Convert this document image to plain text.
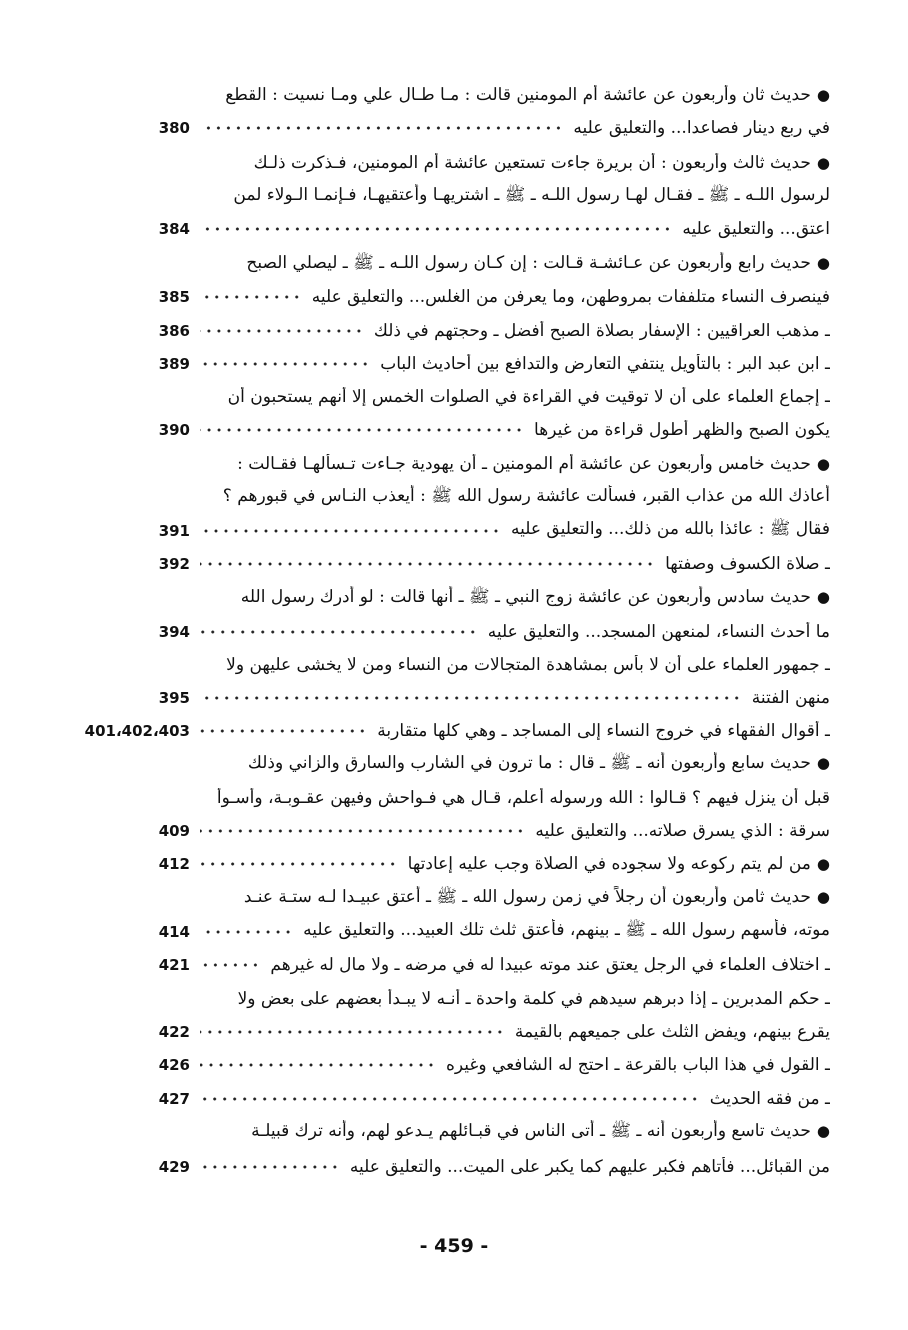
●حديث ثان وأربعون عن عائشة أم المومنين قالت : مـا طـال علي ومـا نسيت : القطع
380	في ربع دينار فصاعدا... والتعليق عليه
●حديث ثالث وأربعون : أن بريرة جاءت تستعين عائشة أم المومنين، فـذكرت ذلـك
لرسول اللـه ـ ﷺ ـ فقـال لهـا رسول اللـه ـ ﷺ ـ اشتريهـا وأعتقيهـا، فـإنمـا الـولاء لمن
384	اعتق... والتعليق عليه
●حديث رابع وأربعون عن عـائشـة قـالت : إن كـان رسول اللـه ـ ﷺ ـ ليصلي الصبح
385	فينصرف النساء متلففات بمروطهن، وما يعرفن من الغلس... والتعليق عليه
386	ـ مذهب العراقيين : الإسفار بصلاة الصبح أفضل ـ وحجتهم في ذلك
389	ـ ابن عبد البر : بالتأويل ينتفي التعارض والتدافع بين أحاديث الباب
ـ إجماع العلماء على أن لا توقيت في القراءة في الصلوات الخمس إلا أنهم يستحبون أن
390	يكون الصبح والظهر أطول قراءة من غيرها
●حديث خامس وأربعون عن عائشة أم المومنين ـ أن يهودية جـاءت تـسألهـا فقـالت :
أعاذك الله من عذاب القبر، فسألت عائشة رسول الله ﷺ : أيعذب النـاس في قبورهم ؟
391	فقال ﷺ : عائذا بالله من ذلك... والتعليق عليه
392	ـ صلاة الكسوف وصفتها
●حديث سادس وأربعون عن عائشة زوج النبي ـ ﷺ ـ أنها قالت : لو أدرك رسول الله
394	ما أحدث النساء، لمنعهن المسجد... والتعليق عليه
ـ جمهور العلماء على أن لا بأس بمشاهدة المتجالات من النساء ومن لا يخشى عليهن ولا
395	منهن الفتنة
401،402،403	ـ أقوال الفقهاء في خروج النساء إلى المساجد ـ وهي كلها متقاربة
●حديث سابع وأربعون أنه ـ ﷺ ـ قال : ما ترون في الشارب والسارق والزاني وذلك
قبل أن ينزل فيهم ؟ قـالوا : الله ورسوله أعلم، قـال هي فـواحش وفيهن عقـوبـة، وأسـوأ
409	سرقة : الذي يسرق صلاته... والتعليق عليه
412	●من لم يتم ركوعه ولا سجوده في الصلاة وجب عليه إعادتها
●حديث ثامن وأربعون أن رجلاً في زمن رسول الله ـ ﷺ ـ أعتق عبيـدا لـه ستـة عنـد
414	موته، فأسهم رسول الله ـ ﷺ ـ بينهم، فأعتق ثلث تلك العبيد... والتعليق عليه
421	ـ اختلاف العلماء في الرجل يعتق عند موته عبيدا له في مرضه ـ ولا مال له غيرهم
ـ حكم المدبرين ـ إذا دبرهم سيدهم في كلمة واحدة ـ أنـه لا يبـدأ بعضهم على بعض ولا
422	يقرع بينهم، ويفض الثلث على جميعهم بالقيمة
426	ـ القول في هذا الباب بالقرعة ـ احتج له الشافعي وغيره
427	ـ من فقه الحديث
●حديث تاسع وأربعون أنه ـ ﷺ ـ أتى الناس في قبـائلهم يـدعو لهم، وأنه ترك قبيلـة
429	من القبائل... فأتاهم فكبر عليهم كما يكبر على الميت... والتعليق عليه
- 459 -
